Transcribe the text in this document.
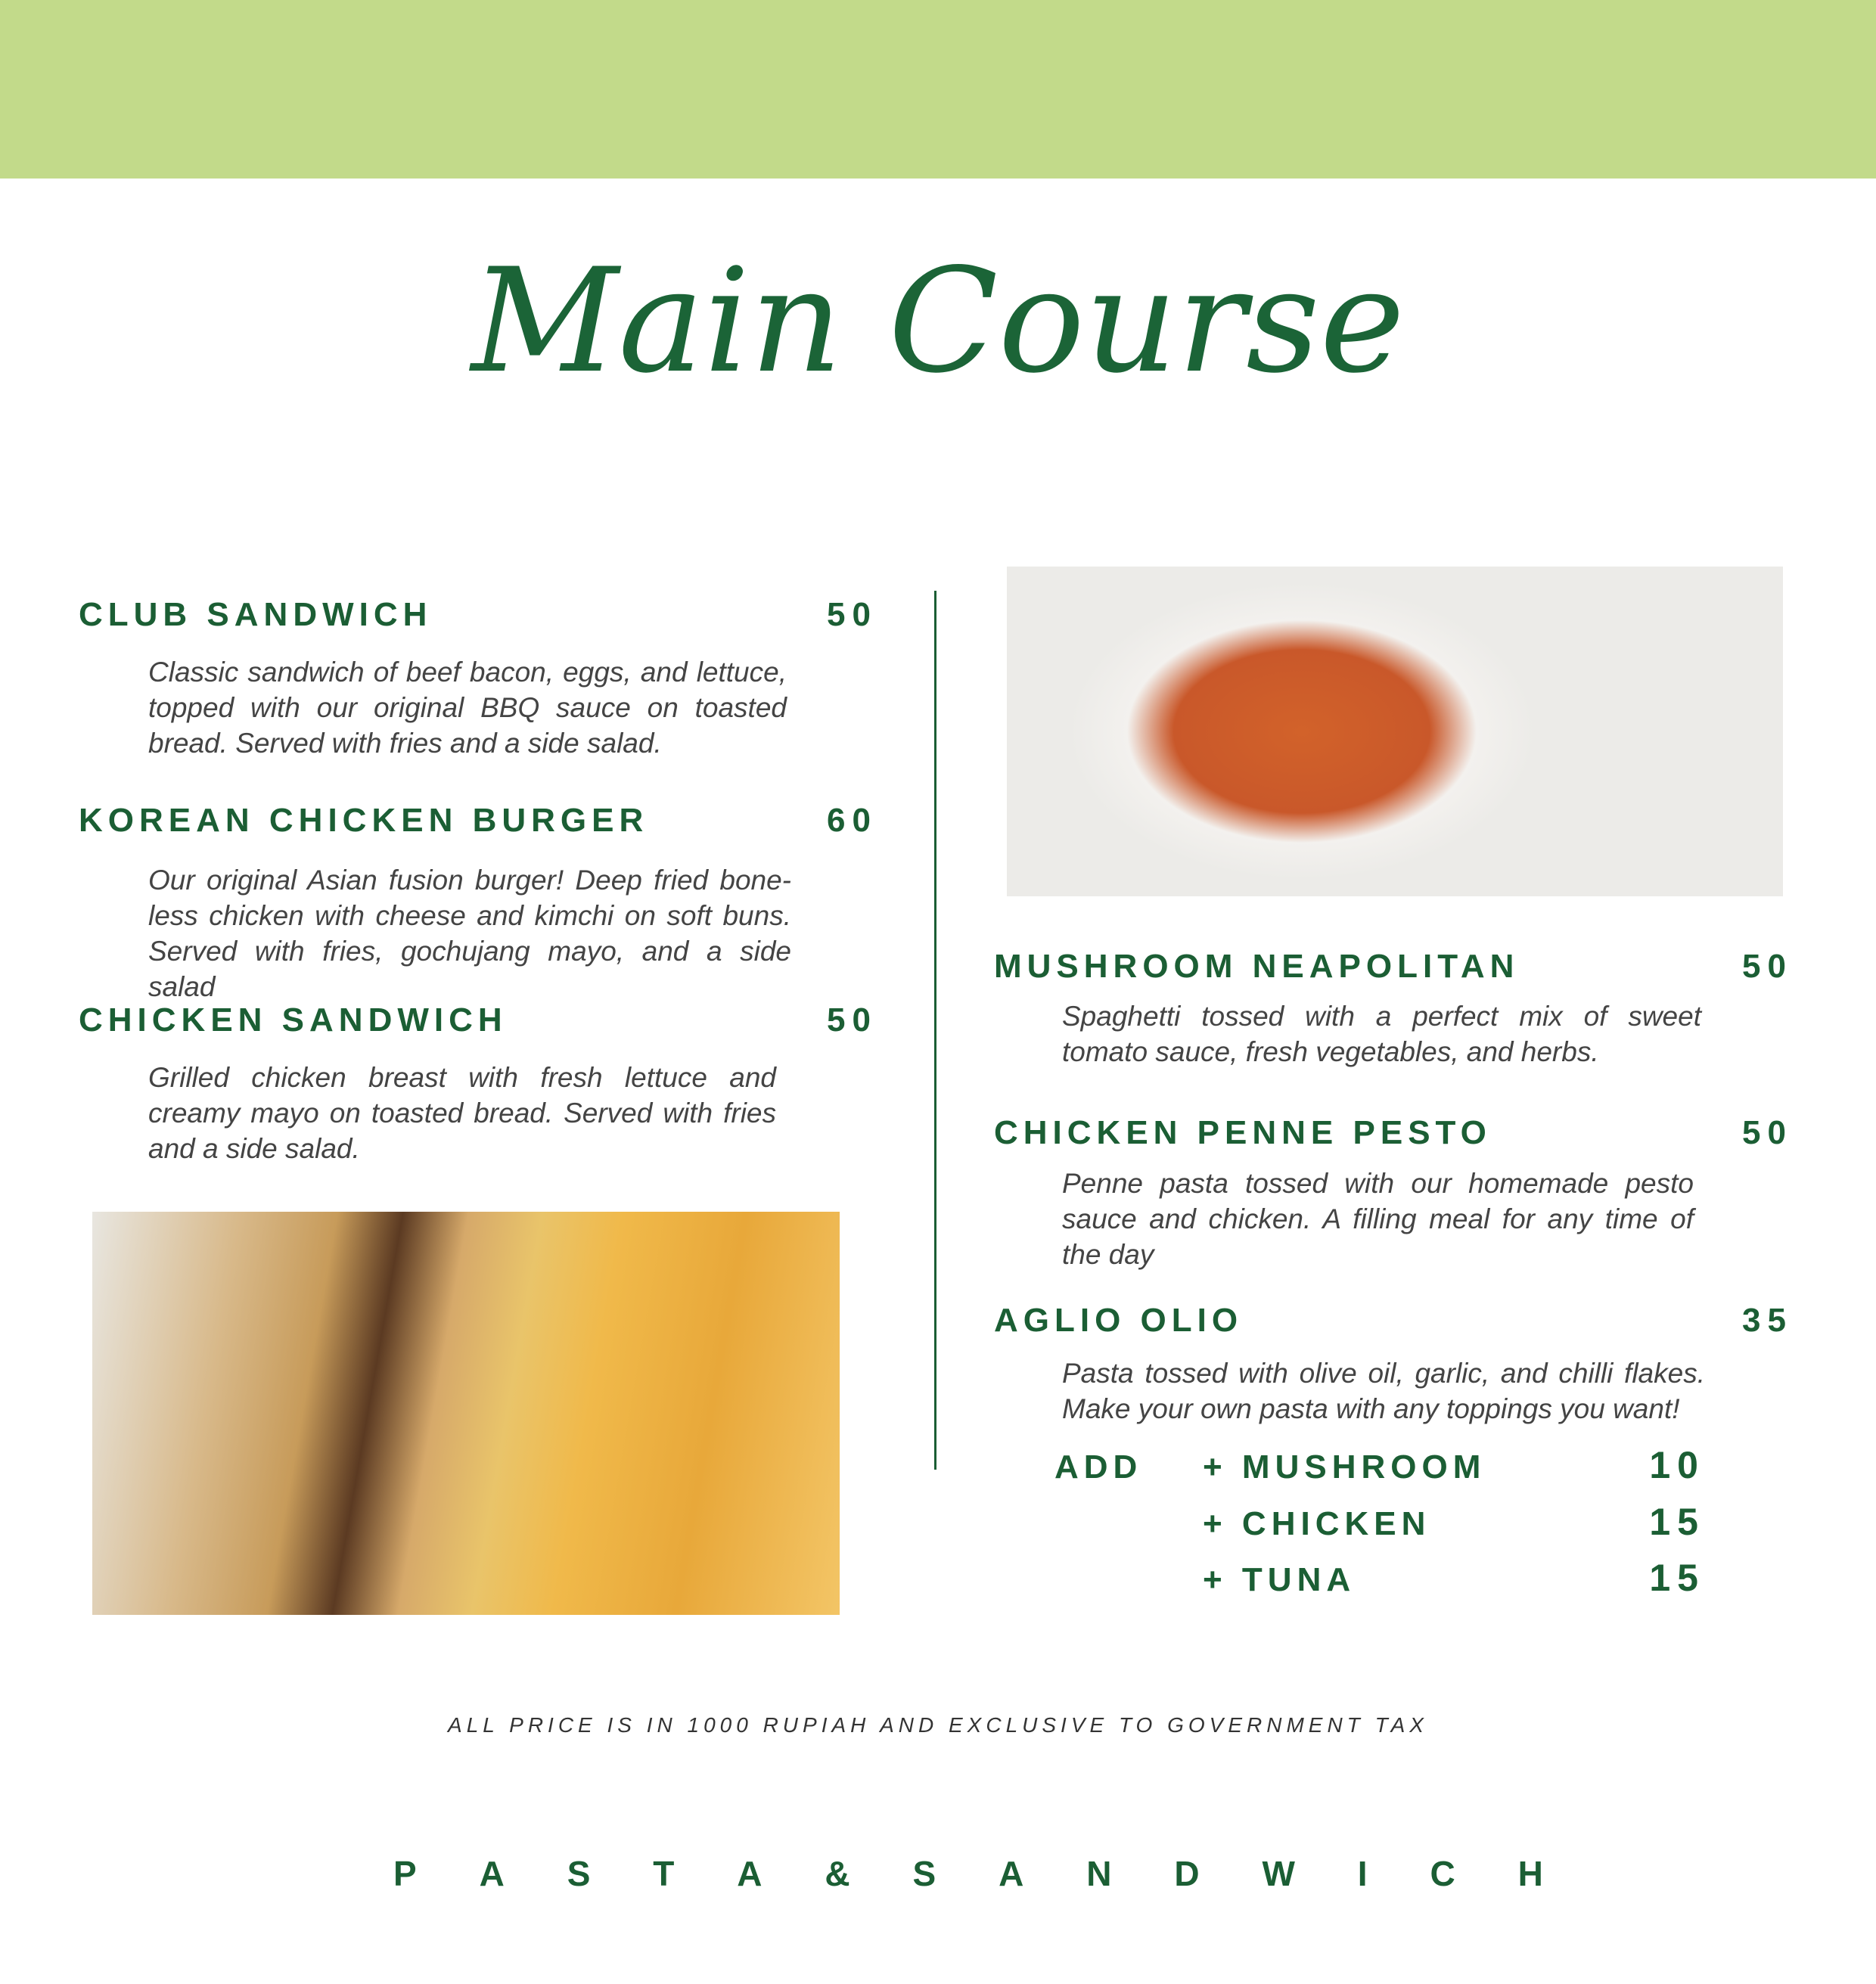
Main Course
CLUB SANDWICH	50
Classic sandwich of beef bacon, eggs, and lettuce, topped with our original BBQ sauce on toasted bread. Served with fries and a side salad.
KOREAN CHICKEN BURGER	60
Our original Asian fusion burger! Deep fried bone-less chicken with cheese and kimchi on soft buns. Served with fries, gochujang mayo, and a side salad
CHICKEN SANDWICH	50
Grilled chicken breast with fresh lettuce and creamy mayo on toasted bread. Served with fries and a side salad.
MUSHROOM NEAPOLITAN	50
Spaghetti tossed with a perfect mix of sweet tomato sauce, fresh vegetables, and herbs.
CHICKEN PENNE PESTO	50
Penne pasta tossed with our homemade pesto sauce and chicken. A filling meal for any time of the day
AGLIO OLIO	35
Pasta tossed with olive oil, garlic, and chilli flakes. Make your own pasta with any toppings you want!
ADD + MUSHROOM	10
+ CHICKEN	15
+ TUNA	15
ALL PRICE IS IN 1000 RUPIAH AND EXCLUSIVE TO GOVERNMENT TAX
P A S T A & S A N D W I C H
